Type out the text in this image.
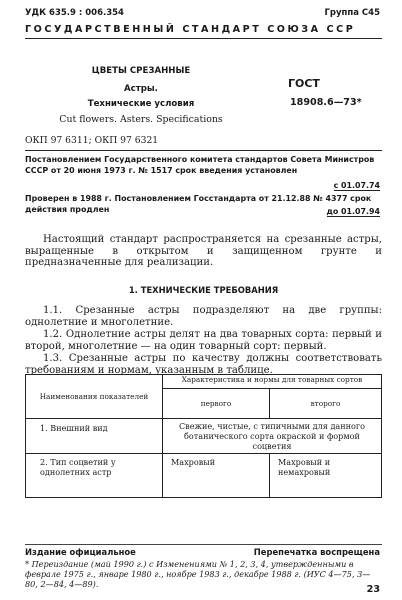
УДК 635.9 : 006.354	Группа С45
ГОСУДАРСТВЕННЫЙ СТАНДАРТ СОЮЗА ССР
ЦВЕТЫ СРЕЗАННЫЕ
Астры.
Технические условия
Cut flowers. Asters. Specifications
ГОСТ
18908.6—73*
ОКП 97 6311; ОКП 97 6321
Постановлением Государственного комитета стандартов Совета Министров СССР от 20 июня 1973 г. № 1517 срок введения установлен
с 01.07.74
Проверен в 1988 г. Постановлением Госстандарта от 21.12.88 № 4377 срок действия продлен	до 01.07.94
Настоящий стандарт распространяется на срезанные астры, выращенные в открытом и защищенном грунте и предназначенные для реализации.
1. ТЕХНИЧЕСКИЕ ТРЕБОВАНИЯ
1.1. Срезанные астры подразделяют на две группы: однолетние и многолетние.
1.2. Однолетние астры делят на два товарных сорта: первый и второй, многолетние — на один товарный сорт: первый.
1.3. Срезанные астры по качеству должны соответствовать требованиям и нормам, указанным в таблице.
Наименования показателей	Характеристика и нормы для товарных сортов	
	первого	второго
1. Внешний вид	Свежие, чистые, с типичными для данного ботанического сорта окраской и формой соцветия	
2. Тип соцветий у однолетних астр	Махровый	Махровый и немахровый
Издание официальное	Перепечатка воспрещена
* Переиздание (май 1990 г.) с Изменениями № 1, 2, 3, 4, утвержденными в феврале 1975 г., январе 1980 г., ноябре 1983 г., декабре 1988 г. (ИУС 4—75, 3—80, 2—84, 4—89).	23
